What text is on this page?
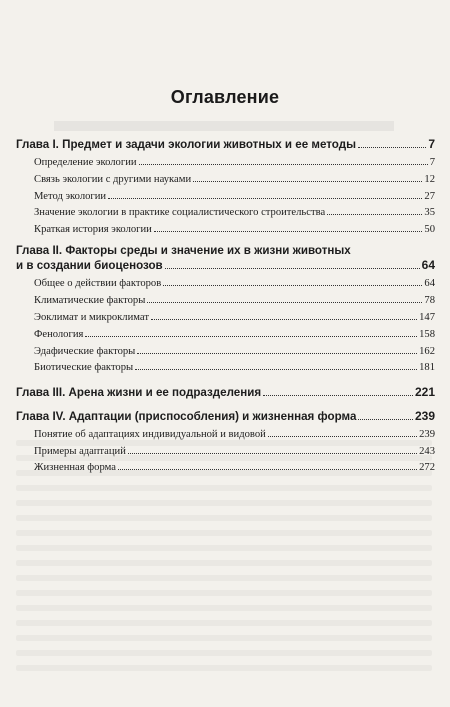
Оглавление
Глава I. Предмет и задачи экологии животных и ее методы	7
Определение экологии	7
Связь экологии с другими науками	12
Метод экологии	27
Значение экологии в практике социалистического строительства	35
Краткая история экологии	50
Глава II. Факторы среды и значение их в жизни животных
и в создании биоценозов	64
Общее о действии факторов	64
Климатические факторы	78
Эоклимат и микроклимат	147
Фенология	158
Эдафические факторы	162
Биотические факторы	181
Глава III. Арена жизни и ее подразделения	221
Глава IV. Адаптации (приспособления) и жизненная форма	239
Понятие об адаптациях индивидуальной и видовой	239
Примеры адаптаций	243
Жизненная форма	272
